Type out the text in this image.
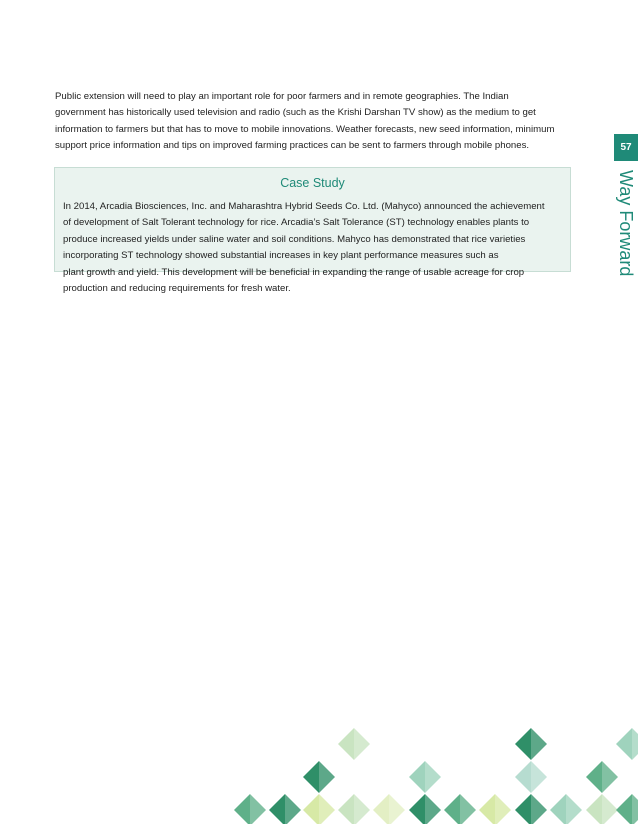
Public extension will need to play an important role for poor farmers and in remote geographies. The Indian
government has historically used television and radio (such as the Krishi Darshan TV show) as the medium to get
information to farmers but that has to move to mobile innovations. Weather forecasts, new seed information, minimum
support price information and tips on improved farming practices can be sent to farmers through mobile phones.	57
Way Forward
Case Study
In 2014, Arcadia Biosciences, Inc. and Maharashtra Hybrid Seeds Co. Ltd. (Mahyco) announced the achievement
of development of Salt Tolerant technology for rice. Arcadia’s Salt Tolerance (ST) technology enables plants to
produce increased yields under saline water and soil conditions. Mahyco has demonstrated that rice varieties
incorporating ST technology showed substantial increases in key plant performance measures such as
plant growth and yield. This development will be beneficial in expanding the range of usable acreage for crop
production and reducing requirements for fresh water.
